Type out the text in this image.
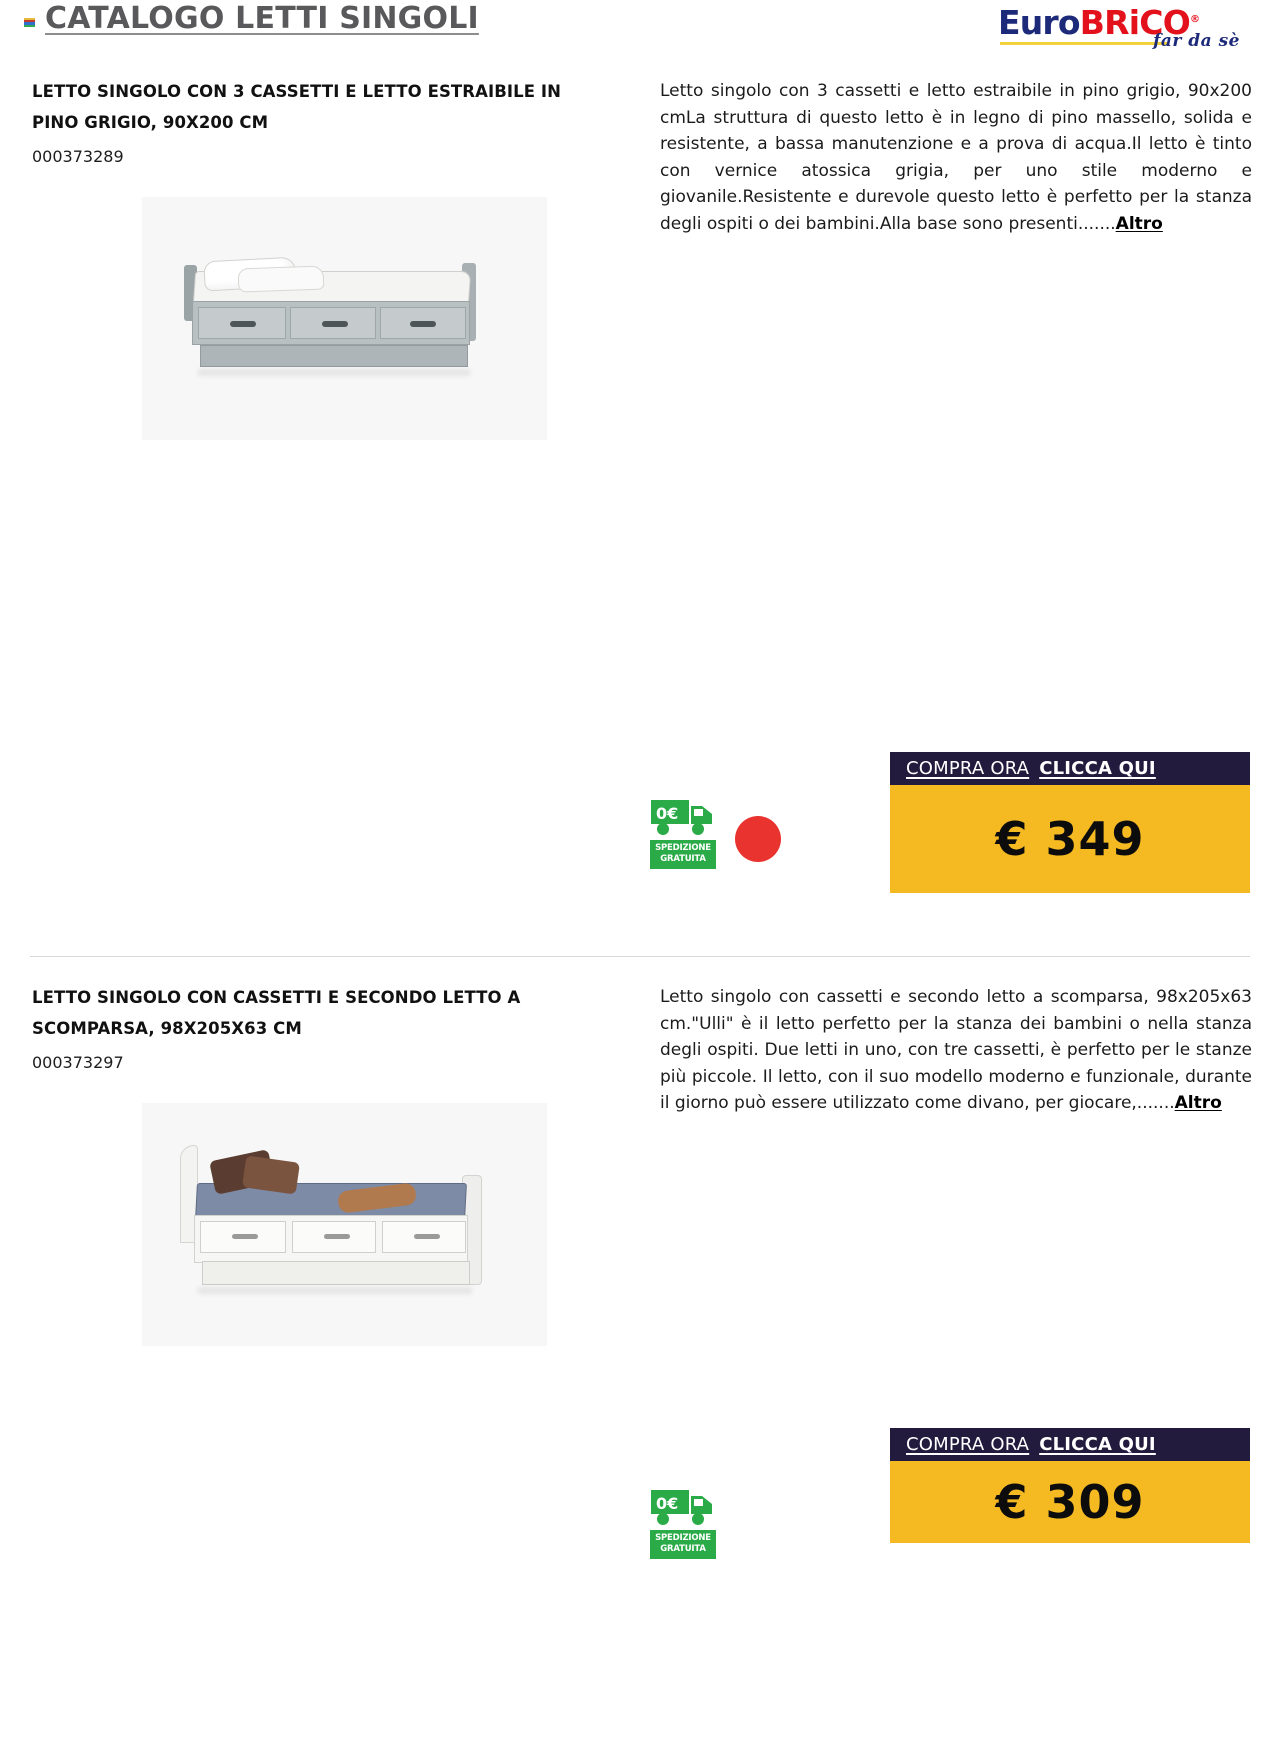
CATALOGO LETTI SINGOLI	EuroBRiCO®
far da sè
LETTO SINGOLO CON 3 CASSETTI E LETTO ESTRAIBILE IN PINO GRIGIO, 90X200 CM
000373289

Letto singolo con 3 cassetti e letto estraibile in pino grigio, 90x200 cmLa struttura di questo letto è in legno di pino massello, solida e resistente, a bassa manutenzione e a prova di acqua.Il letto è tinto con vernice atossica grigia, per uno stile moderno e giovanile.Resistente e durevole questo letto è perfetto per la stanza degli ospiti o dei bambini.Alla base sono presenti.......Altro

0€
SPEDIZIONE
GRATUITA
COMPRA ORA CLICCA QUI
€ 349
LETTO SINGOLO CON CASSETTI E SECONDO LETTO A SCOMPARSA, 98X205X63 CM
000373297

Letto singolo con cassetti e secondo letto a scomparsa, 98x205x63 cm."Ulli" è il letto perfetto per la stanza dei bambini o nella stanza degli ospiti. Due letti in uno, con tre cassetti, è perfetto per le stanze più piccole. Il letto, con il suo modello moderno e funzionale, durante il giorno può essere utilizzato come divano, per giocare,.......Altro

0€
SPEDIZIONE
GRATUITA
COMPRA ORA CLICCA QUI
€ 309
